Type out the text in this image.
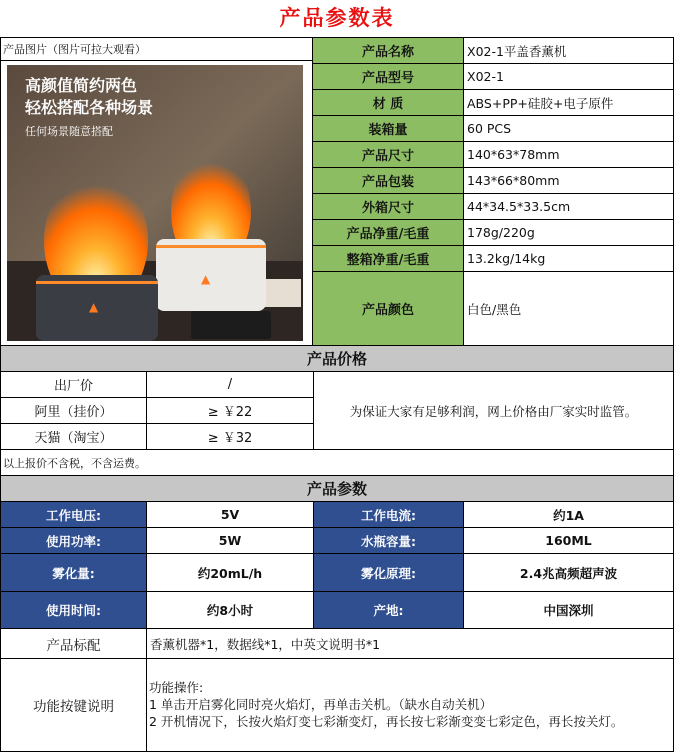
产品参数表
产品图片（图片可拉大观看）
▲
▲
高颜值简约两色
轻松搭配各种场景
任何场景随意搭配
产品名称	X02-1平盖香薰机
产品型号	X02-1
材 质	ABS+PP+硅胶+电子原件
装箱量	60 PCS
产品尺寸	140*63*78mm
产品包装	143*66*80mm
外箱尺寸	44*34.5*33.5cm
产品净重/毛重	178g/220g
整箱净重/毛重	13.2kg/14kg
产品颜色	白色/黑色
产品价格
出厂价	/
阿里（挂价）	≥ ￥22
天猫（淘宝）	≥ ￥32
为保证大家有足够利润，网上价格由厂家实时监管。
以上报价不含税，不含运费。
产品参数
工作电压:	5V	工作电流:	约1A
使用功率:	5W	水瓶容量:	160ML
雾化量:	约20mL/h	雾化原理:	2.4兆高频超声波
使用时间:	约8小时	产地:	中国深圳
产品标配	香薰机器*1，数据线*1，中英文说明书*1
功能按键说明
功能操作:
1 单击开启雾化同时亮火焰灯，再单击关机。（缺水自动关机）
2 开机情况下，长按火焰灯变七彩渐变灯，再长按七彩渐变变七彩定色，再长按关灯。
